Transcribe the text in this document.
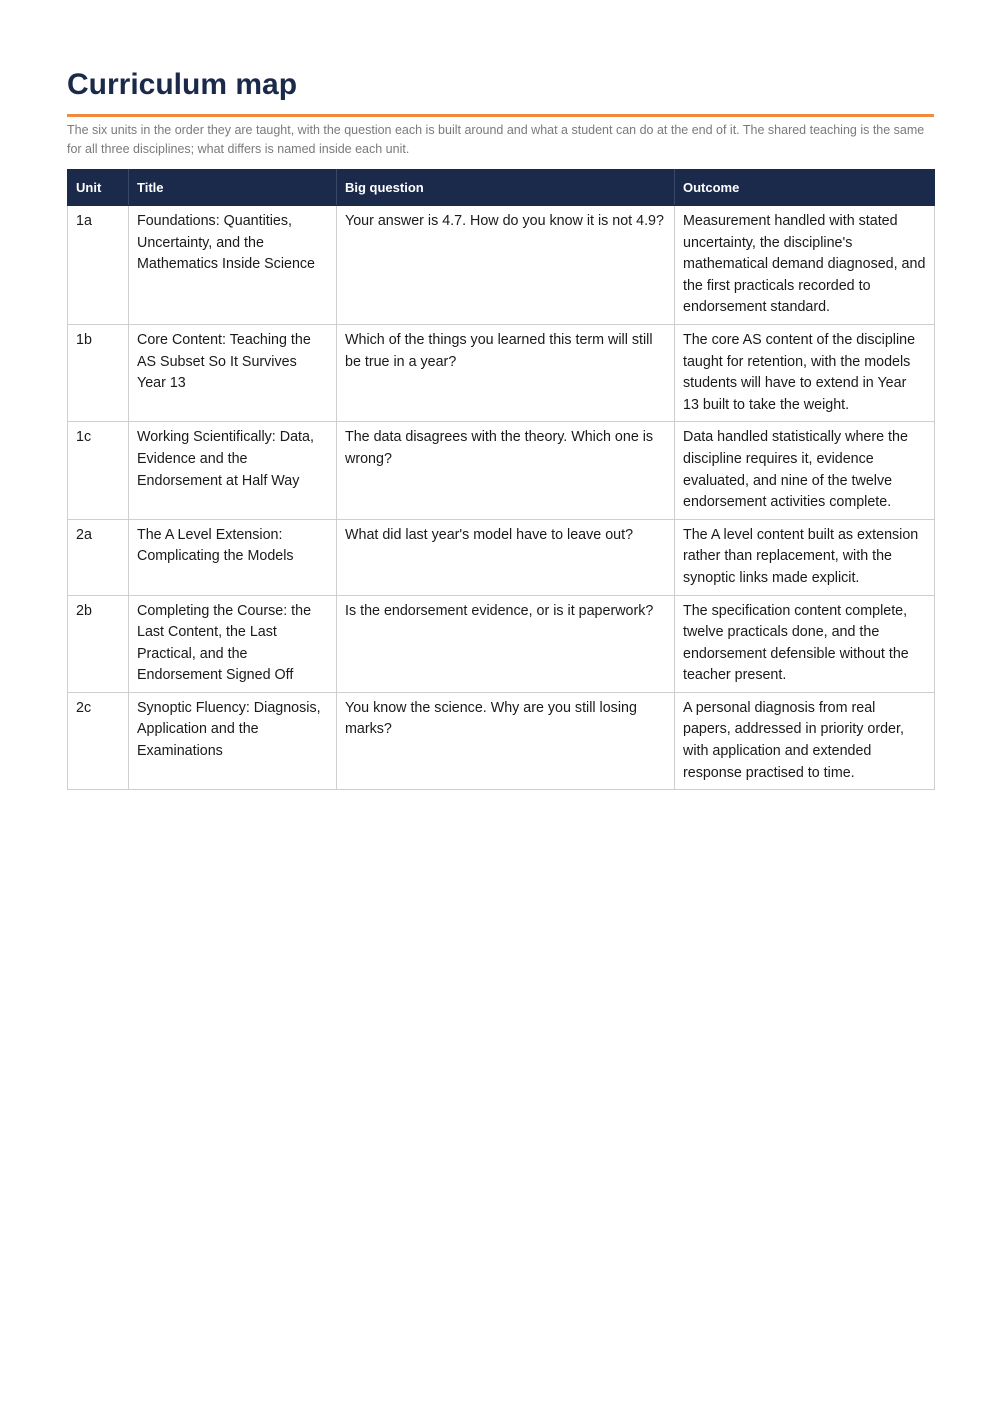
Curriculum map

The six units in the order they are taught, with the question each is built around and what a student can do at the end of it. The shared teaching is the same for all three disciplines; what differs is named inside each unit.

Unit	Title	Big question	Outcome
1a	Foundations: Quantities, Uncertainty, and the Mathematics Inside Science	Your answer is 4.7. How do you know it is not 4.9?	Measurement handled with stated uncertainty, the discipline's mathematical demand diagnosed, and the first practicals recorded to endorsement standard.
1b	Core Content: Teaching the AS Subset So It Survives Year 13	Which of the things you learned this term will still be true in a year?	The core AS content of the discipline taught for retention, with the models students will have to extend in Year 13 built to take the weight.
1c	Working Scientifically: Data, Evidence and the Endorsement at Half Way	The data disagrees with the theory. Which one is wrong?	Data handled statistically where the discipline requires it, evidence evaluated, and nine of the twelve endorsement activities complete.
2a	The A Level Extension: Complicating the Models	What did last year's model have to leave out?	The A level content built as extension rather than replacement, with the synoptic links made explicit.
2b	Completing the Course: the Last Content, the Last Practical, and the Endorsement Signed Off	Is the endorsement evidence, or is it paperwork?	The specification content complete, twelve practicals done, and the endorsement defensible without the teacher present.
2c	Synoptic Fluency: Diagnosis, Application and the Examinations	You know the science. Why are you still losing marks?	A personal diagnosis from real papers, addressed in priority order, with application and extended response practised to time.
